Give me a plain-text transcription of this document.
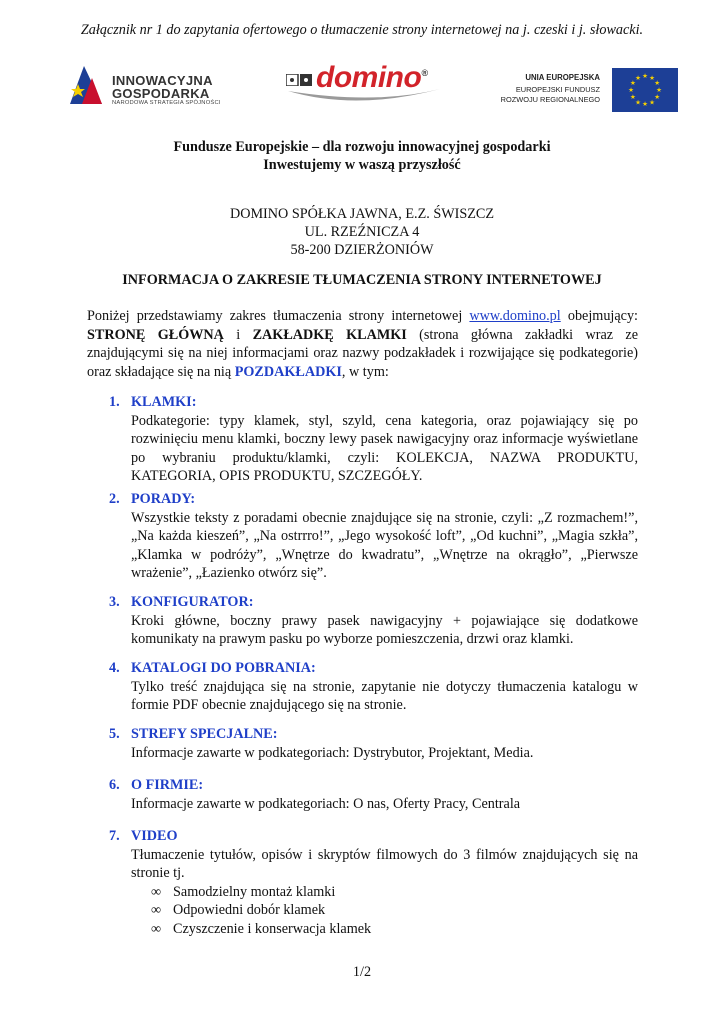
Załącznik nr 1 do zapytania ofertowego o tłumaczenie strony internetowej na j. czeski i j. słowacki.
INNOWACYJNA
GOSPODARKA
NARODOWA STRATEGIA SPÓJNOŚCI
domino®	UNIA EUROPEJSKA
EUROPEJSKI FUNDUSZ
ROZWOJU REGIONALNEGO
★
★
★
★
★
★
★
★
★ ★ ★
★
Fundusze Europejskie – dla rozwoju innowacyjnej gospodarki
Inwestujemy w waszą przyszłość
DOMINO SPÓŁKA JAWNA, E.Z. ŚWISZCZ
UL. RZEŹNICZA 4
58-200 DZIERŻONIÓW
INFORMACJA O ZAKRESIE TŁUMACZENIA STRONY INTERNETOWEJ
Poniżej przedstawiamy zakres tłumaczenia strony internetowej www.domino.pl obejmujący: STRONĘ GŁÓWNĄ i ZAKŁADKĘ KLAMKI (strona główna zakładki wraz ze znajdującymi się na niej informacjami oraz nazwy podzakładek i rozwijające się podkategorie) oraz składające się na nią POZDAKŁADKI, w tym:
1. KLAMKI:
Podkategorie: typy klamek, styl, szyld, cena kategoria, oraz pojawiający się po rozwinięciu menu klamki, boczny lewy pasek nawigacyjny oraz informacje wyświetlane po wybraniu produktu/klamki, czyli: KOLEKCJA, NAZWA PRODUKTU, KATEGORIA, OPIS PRODUKTU, SZCZEGÓŁY.
2. PORADY:
Wszystkie teksty z poradami obecnie znajdujące się na stronie, czyli: „Z rozmachem!”, „Na każda kieszeń”, „Na ostrrro!”, „Jego wysokość loft”, „Od kuchni”, „Magia szkła”, „Klamka w podróży”, „Wnętrze do kwadratu”, „Wnętrze na okrągło”, „Pierwsze wrażenie”, „Łazienko otwórz się”.
3. KONFIGURATOR:
Kroki główne, boczny prawy pasek nawigacyjny + pojawiające się dodatkowe komunikaty na prawym pasku po wyborze pomieszczenia, drzwi oraz klamki.
4. KATALOGI DO POBRANIA:
Tylko treść znajdująca się na stronie, zapytanie nie dotyczy tłumaczenia katalogu w formie PDF obecnie znajdującego się na stronie.
5. STREFY SPECJALNE:
Informacje zawarte w podkategoriach: Dystrybutor, Projektant, Media.
6. O FIRMIE:
Informacje zawarte w podkategoriach: O nas, Oferty Pracy, Centrala
7. VIDEO
Tłumaczenie tytułów, opisów i skryptów filmowych do 3 filmów znajdujących się na stronie tj.
∞ Samodzielny montaż klamki
∞ Odpowiedni dobór klamek
∞ Czyszczenie i konserwacja klamek
1/2
